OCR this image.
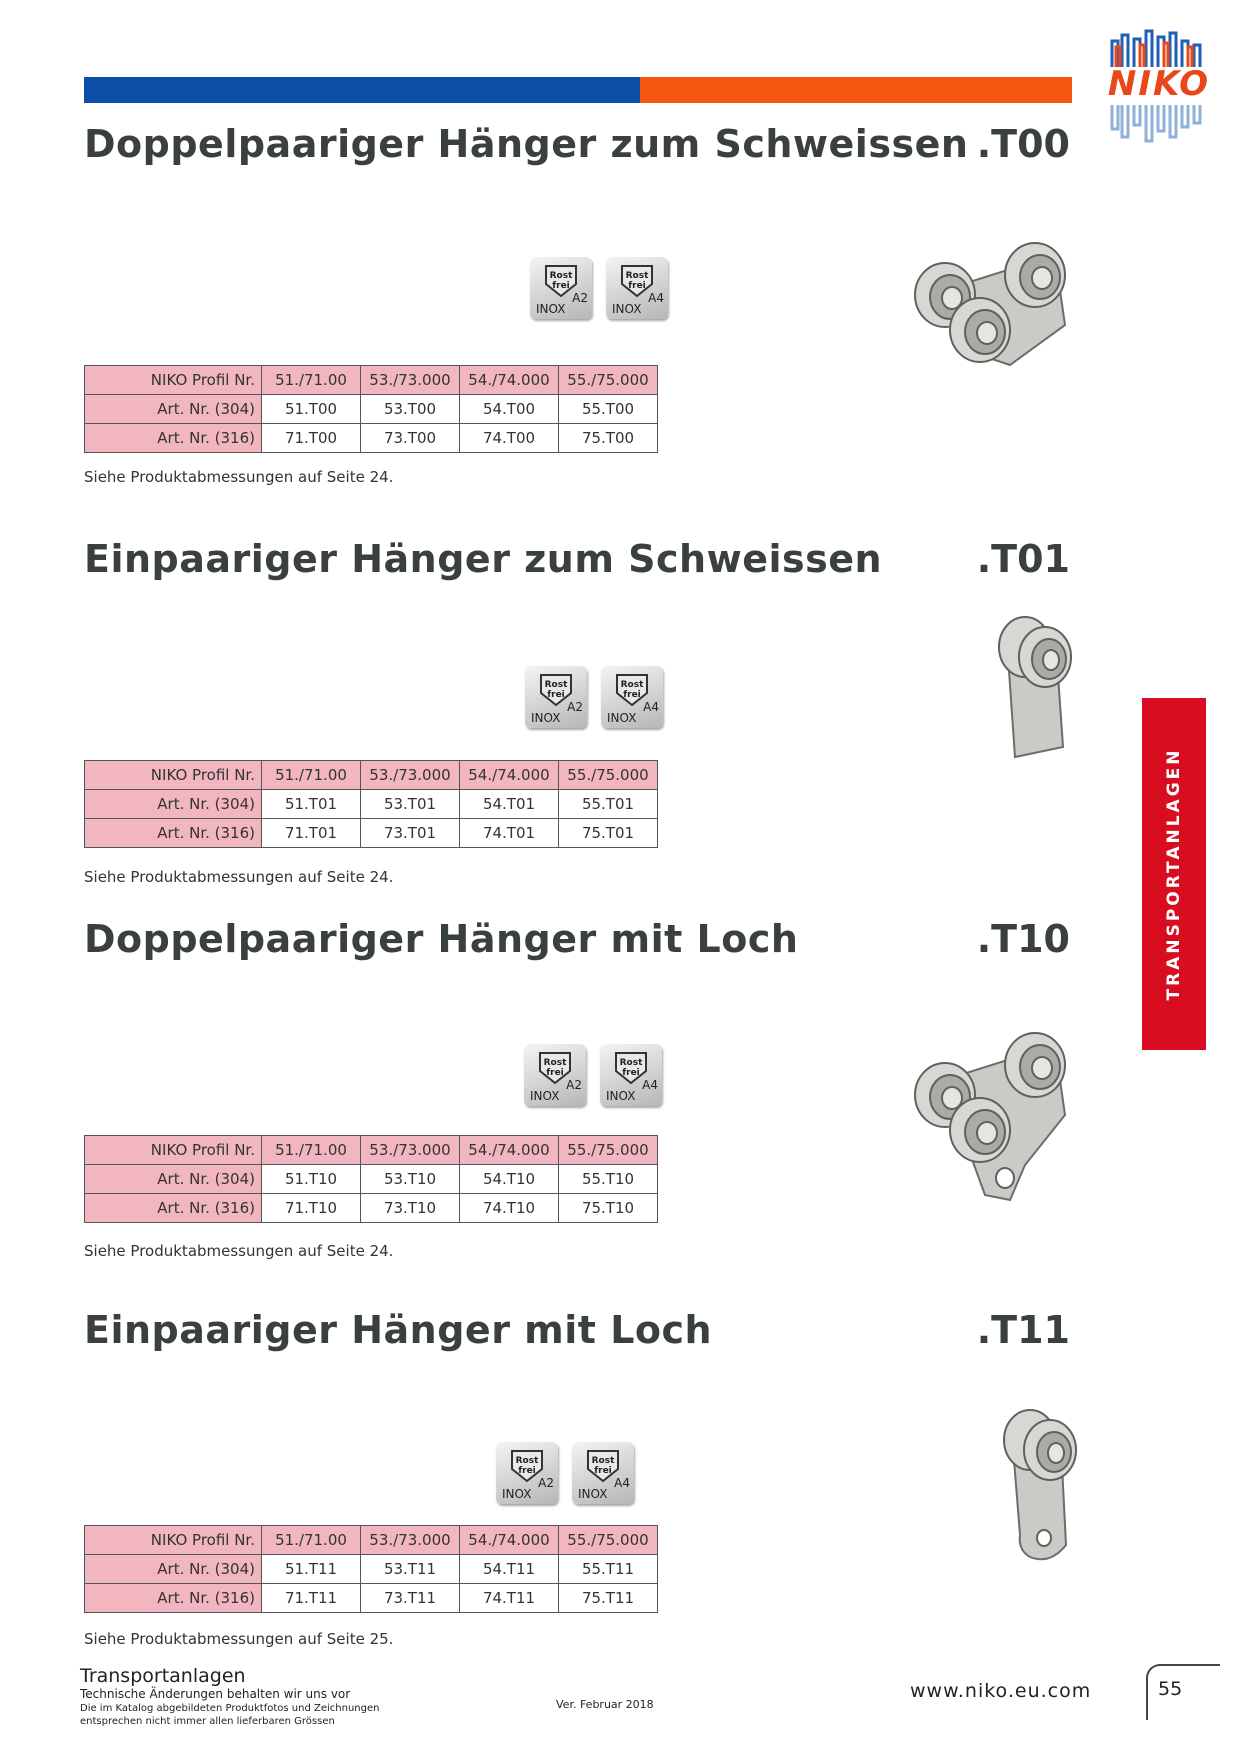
NIKO
Doppelpaariger Hänger zum Schweissen .T00
Rost
frei
A2
INOX
Rost
frei
A4
INOX
NIKO Profil Nr.	51./71.00	53./73.000	54./74.000	55./75.000
Art. Nr. (304)	51.T00	53.T00	54.T00	55.T00
Art. Nr. (316)	71.T00	73.T00	74.T00	75.T00
Siehe Produktabmessungen auf Seite 24.
Einpaariger Hänger zum Schweissen .T01
Rost
frei
A2
INOX
Rost
frei
A4
INOX
NIKO Profil Nr.	51./71.00	53./73.000	54./74.000	55./75.000
Art. Nr. (304)	51.T01	53.T01	54.T01	55.T01
Art. Nr. (316)	71.T01	73.T01	74.T01	75.T01
Siehe Produktabmessungen auf Seite 24.
Doppelpaariger Hänger mit Loch	.T10
Rost
frei
A2
INOX
Rost
frei
A4
INOX
NIKO Profil Nr.	51./71.00	53./73.000	54./74.000	55./75.000
Art. Nr. (304)	51.T10	53.T10	54.T10	55.T10
Art. Nr. (316)	71.T10	73.T10	74.T10	75.T10
Siehe Produktabmessungen auf Seite 24.
Einpaariger Hänger mit Loch	.T11
Rost
frei
A2
INOX
Rost
frei
A4
INOX
NIKO Profil Nr.	51./71.00	53./73.000	54./74.000	55./75.000
Art. Nr. (304)	51.T11	53.T11	54.T11	55.T11
Art. Nr. (316)	71.T11	73.T11	74.T11	75.T11
Siehe Produktabmessungen auf Seite 25.
TRANSPORTANLAGEN
Transportanlagen
Technische Änderungen behalten wir uns vor
Die im Katalog abgebildeten Produktfotos und Zeichnungen entsprechen nicht immer allen lieferbaren Grössen
Ver. Februar 2018
www.niko.eu.com	55
